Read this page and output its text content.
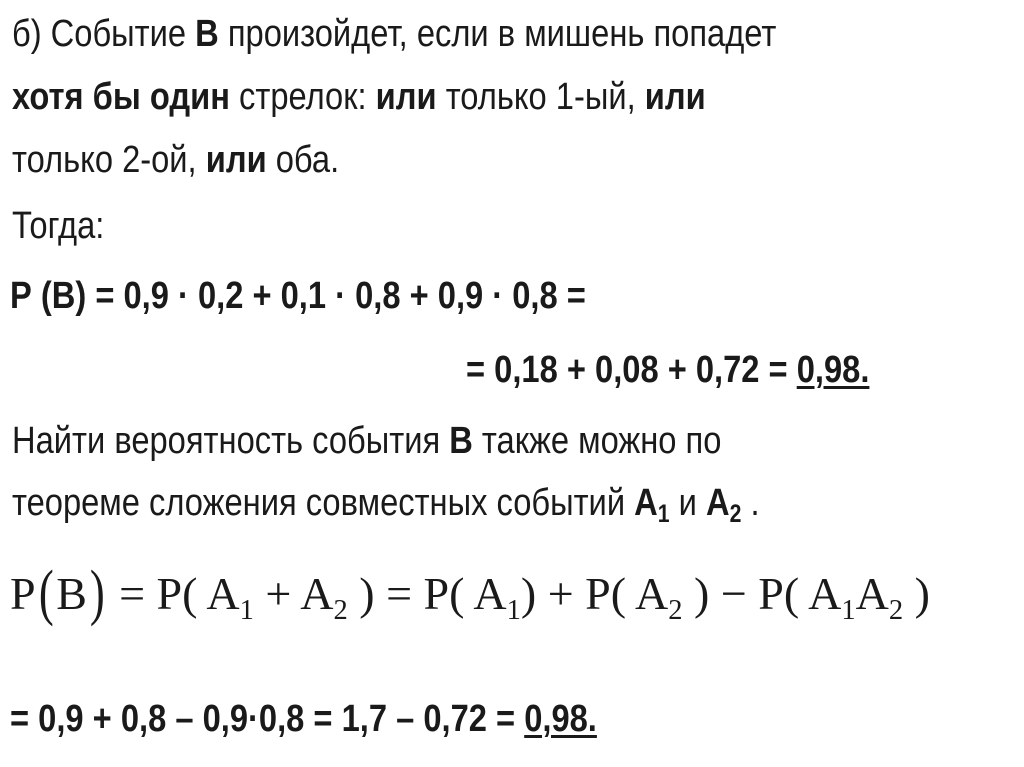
б) Событие В произойдет, если в мишень попадет
хотя бы один стрелок: или только 1-ый, или
только 2-ой, или оба.
Тогда:
Р (В) = 0,9 · 0,2 + 0,1 · 0,8 + 0,9 · 0,8 =
= 0,18 + 0,08 + 0,72 = 0,98.
Найти вероятность события В также можно по
теореме сложения совместных событий $А_1$ и $А_2$ .
P(B) = P( $A_1 + A_2$ ) = P( $A_1) + P$( $A_2$ ) − P( $A_1A_2$ )
= 0,9 + 0,8 – 0,9·0,8 = 1,7 – 0,72 = 0,98.
